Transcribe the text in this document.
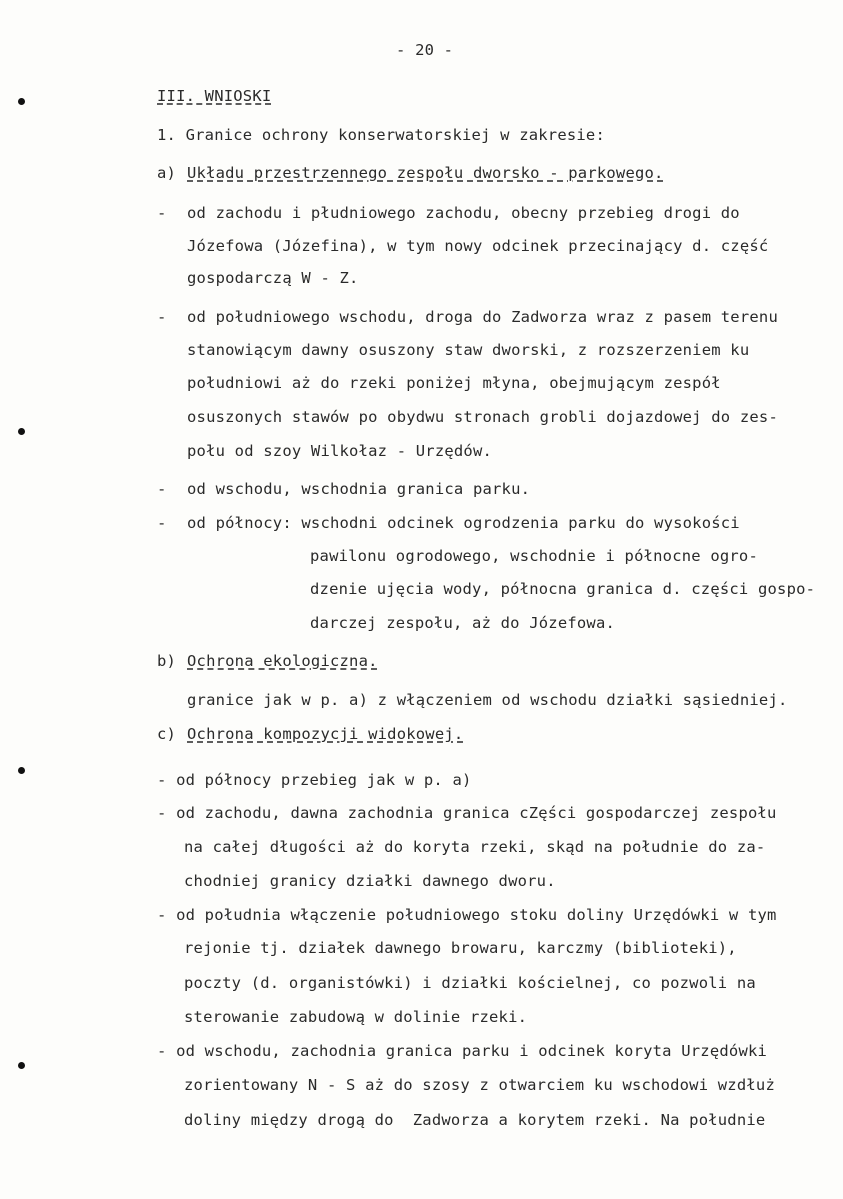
- 20 -
III. WNIOSKI
1. Granice ochrony konserwatorskiej w zakresie:
a) Układu przestrzennego zespołu dworsko - parkowego.
- od zachodu i płudniowego zachodu, obecny przebieg drogi do
Józefowa (Józefina), w tym nowy odcinek przecinający d. część
gospodarczą W - Z.
- od południowego wschodu, droga do Zadworza wraz z pasem terenu
stanowiącym dawny osuszony staw dworski, z rozszerzeniem ku
południowi aż do rzeki poniżej młyna, obejmującym zespół
osuszonych stawów po obydwu stronach grobli dojazdowej do zes-
połu od szoy Wilkołaz - Urzędów.
- od wschodu, wschodnia granica parku.
- od północy: wschodni odcinek ogrodzenia parku do wysokości
pawilonu ogrodowego, wschodnie i północne ogro-
dzenie ujęcia wody, północna granica d. części gospo-
darczej zespołu, aż do Józefowa.
b) Ochrona ekologiczna.
granice jak w p. a) z włączeniem od wschodu działki sąsiedniej.
c) Ochrona kompozycji widokowej.
- od północy przebieg jak w p. a)
- od zachodu, dawna zachodnia granica cZęści gospodarczej zespołu
na całej długości aż do koryta rzeki, skąd na południe do za-
chodniej granicy działki dawnego dworu.
- od południa włączenie południowego stoku doliny Urzędówki w tym
rejonie tj. działek dawnego browaru, karczmy (biblioteki),
poczty (d. organistówki) i działki kościelnej, co pozwoli na
sterowanie zabudową w dolinie rzeki.
- od wschodu, zachodnia granica parku i odcinek koryta Urzędówki
zorientowany N - S aż do szosy z otwarciem ku wschodowi wzdłuż
doliny między drogą do  Zadworza a korytem rzeki. Na południe
